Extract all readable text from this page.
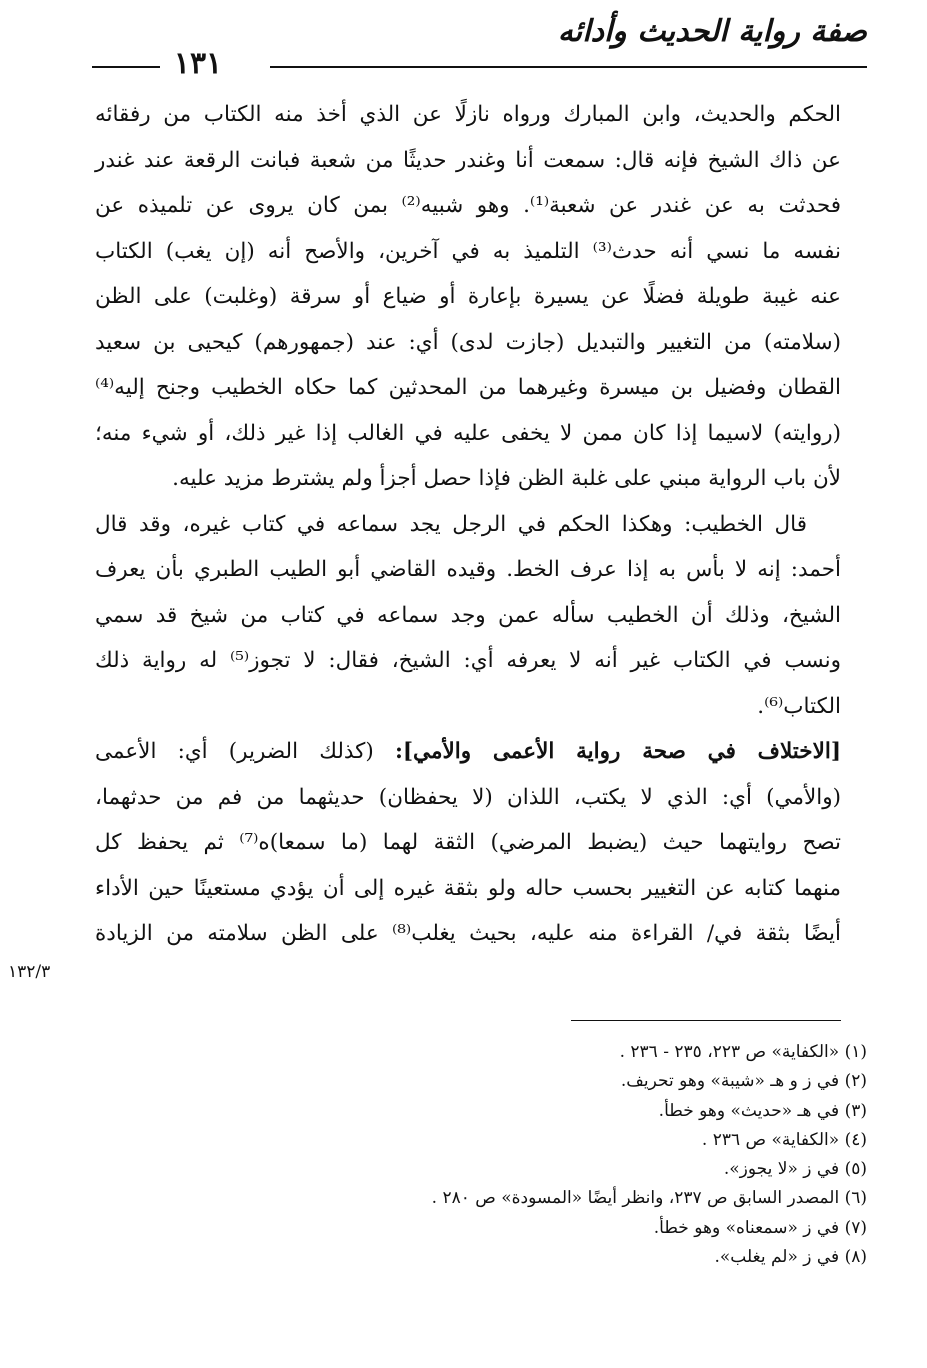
صفة رواية الحديث وأدائه
١٣١
الحكم والحديث، وابن المبارك ورواه نازلًا عن الذي أخذ منه الكتاب من رفقائه
عن ذاك الشيخ فإنه قال: سمعت أنا وغندر حديثًا من شعبة فبانت الرقعة عند غندر
فحدثت به عن غندر عن شعبة⁽¹⁾. وهو شبيه⁽²⁾ بمن كان يروى عن تلميذه عن
نفسه ما نسي أنه حدث⁽³⁾ التلميذ به في آخرين، والأصح أنه (إن يغب) الكتاب
عنه غيبة طويلة فضلًا عن يسيرة بإعارة أو ضياع أو سرقة (وغلبت) على الظن
(سلامته) من التغيير والتبديل (جازت لدى) أي: عند (جمهورهم) كيحيى بن سعيد
القطان وفضيل بن ميسرة وغيرهما من المحدثين كما حكاه الخطيب وجنح إليه⁽⁴⁾
(روايته) لاسيما إذا كان ممن لا يخفى عليه في الغالب إذا غير ذلك، أو شيء منه؛
لأن باب الرواية مبني على غلبة الظن فإذا حصل أجزأ ولم يشترط مزيد عليه.
قال الخطيب: وهكذا الحكم في الرجل يجد سماعه في كتاب غيره، وقد قال
أحمد: إنه لا بأس به إذا عرف الخط. وقيده القاضي أبو الطيب الطبري بأن يعرف
الشيخ، وذلك أن الخطيب سأله عمن وجد سماعه في كتاب من شيخ قد سمي
ونسب في الكتاب غير أنه لا يعرفه أي: الشيخ، فقال: لا تجوز⁽⁵⁾ له رواية ذلك
الكتاب⁽⁶⁾.
[الاختلاف في صحة رواية الأعمى والأمي]: (كذلك الضرير) أي: الأعمى
(والأمي) أي: الذي لا يكتب، اللذان (لا يحفظان) حديثهما من فم من حدثهما،
تصح روايتهما حيث (يضبط المرضي) الثقة لهما (ما سمعا)ه⁽⁷⁾ ثم يحفظ كل
منهما كتابه عن التغيير بحسب حاله ولو بثقة غيره إلى أن يؤدي مستعينًا حين الأداء
أيضًا بثقة في/ القراءة منه عليه، بحيث يغلب⁽⁸⁾ على الظن سلامته من الزيادة
١٣٢/٣
(١) «الكفاية» ص ٢٢٣، ٢٣٥ - ٢٣٦ .
(٢) في ز و هـ «شيبة» وهو تحريف.
(٣) في هـ «حديث» وهو خطأ.
(٤) «الكفاية» ص ٢٣٦ .
(٥) في ز «لا يجوز».
(٦) المصدر السابق ص ٢٣٧، وانظر أيضًا «المسودة» ص ٢٨٠ .
(٧) في ز «سمعناه» وهو خطأ.
(٨) في ز «لم يغلب».
